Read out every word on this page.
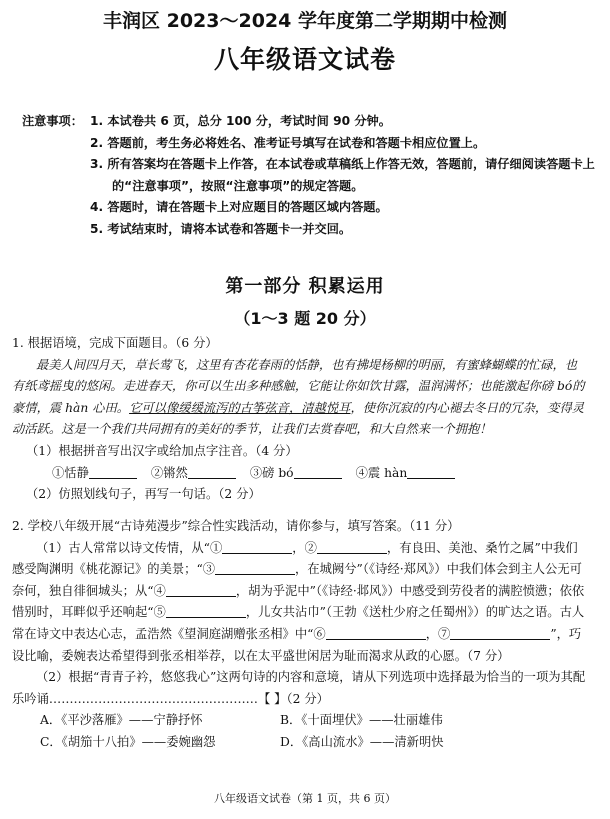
丰润区 2023～2024 学年度第二学期期中检测
八年级语文试卷
注意事项： 1. 本试卷共 6 页，总分 100 分，考试时间 90 分钟。
2. 答题前，考生务必将姓名、准考证号填写在试卷和答题卡相应位置上。
3. 所有答案均在答题卡上作答，在本试卷或草稿纸上作答无效，答题前，请仔细阅读答题卡上的“注意事项”，按照“注意事项”的规定答题。
4. 答题时，请在答题卡上对应题目的答题区域内答题。
5. 考试结束时，请将本试卷和答题卡一并交回。
第一部分 积累运用
（1～3 题 20 分）
1. 根据语境，完成下面题目。（6 分）
最美人间四月天，草长莺飞，这里有杏花春雨的恬静，也有拂堤杨柳的明丽，有蜜蜂蝴蝶的忙碌，也有纸鸢摇曳的悠闲。走进春天，你可以生出多种感触，它能让你如饮甘露，温润满怀；也能激起你磅 bó的豪情，震 hàn 心田。它可以像缓缓流泻的古筝弦音，清越悦耳，使你沉寂的内心褪去冬日的冗杂，变得灵动活跃。这是一个我们共同拥有的美好的季节，让我们去赏春吧，和大自然来一个拥抱！
（1）根据拼音写出汉字或给加点字注音。（4 分）
①恬静	②锵然	③磅 bó	④震 hàn
（2）仿照划线句子，再写一句话。（2 分）
2. 学校八年级开展“古诗苑漫步”综合性实践活动，请你参与，填写答案。（11 分）
（1）古人常常以诗文传情，从“①	，②	，有良田、美池、桑竹之属”中我们感受陶渊明《桃花源记》的美景；“③	，在城阙兮”（《诗经·郑风》）中我们体会到主人公无可奈何，独自徘徊城头；从“④	，胡为乎泥中”（《诗经·邶风》）中感受到劳役者的满腔愤懑；依依惜别时，耳畔似乎还响起“⑤	，儿女共沾巾”（王勃《送杜少府之任蜀州》）的旷达之语。古人常在诗文中表达心志，孟浩然《望洞庭湖赠张丞相》中“⑥	，⑦	”，巧设比喻，委婉表达希望得到张丞相举荐，以在太平盛世闲居为耻而渴求从政的心愿。（7 分）
（2）根据“青青子衿，悠悠我心”这两句诗的内容和意境，请从下列选项中选择最为恰当的一项为其配乐吟诵……………………………………………【 】（2 分）
A．《平沙落雁》——宁静抒怀	B．《十面埋伏》——壮丽雄伟
C．《胡笳十八拍》——委婉幽怨	D．《高山流水》——清新明快
八年级语文试卷（第 1 页，共 6 页）
